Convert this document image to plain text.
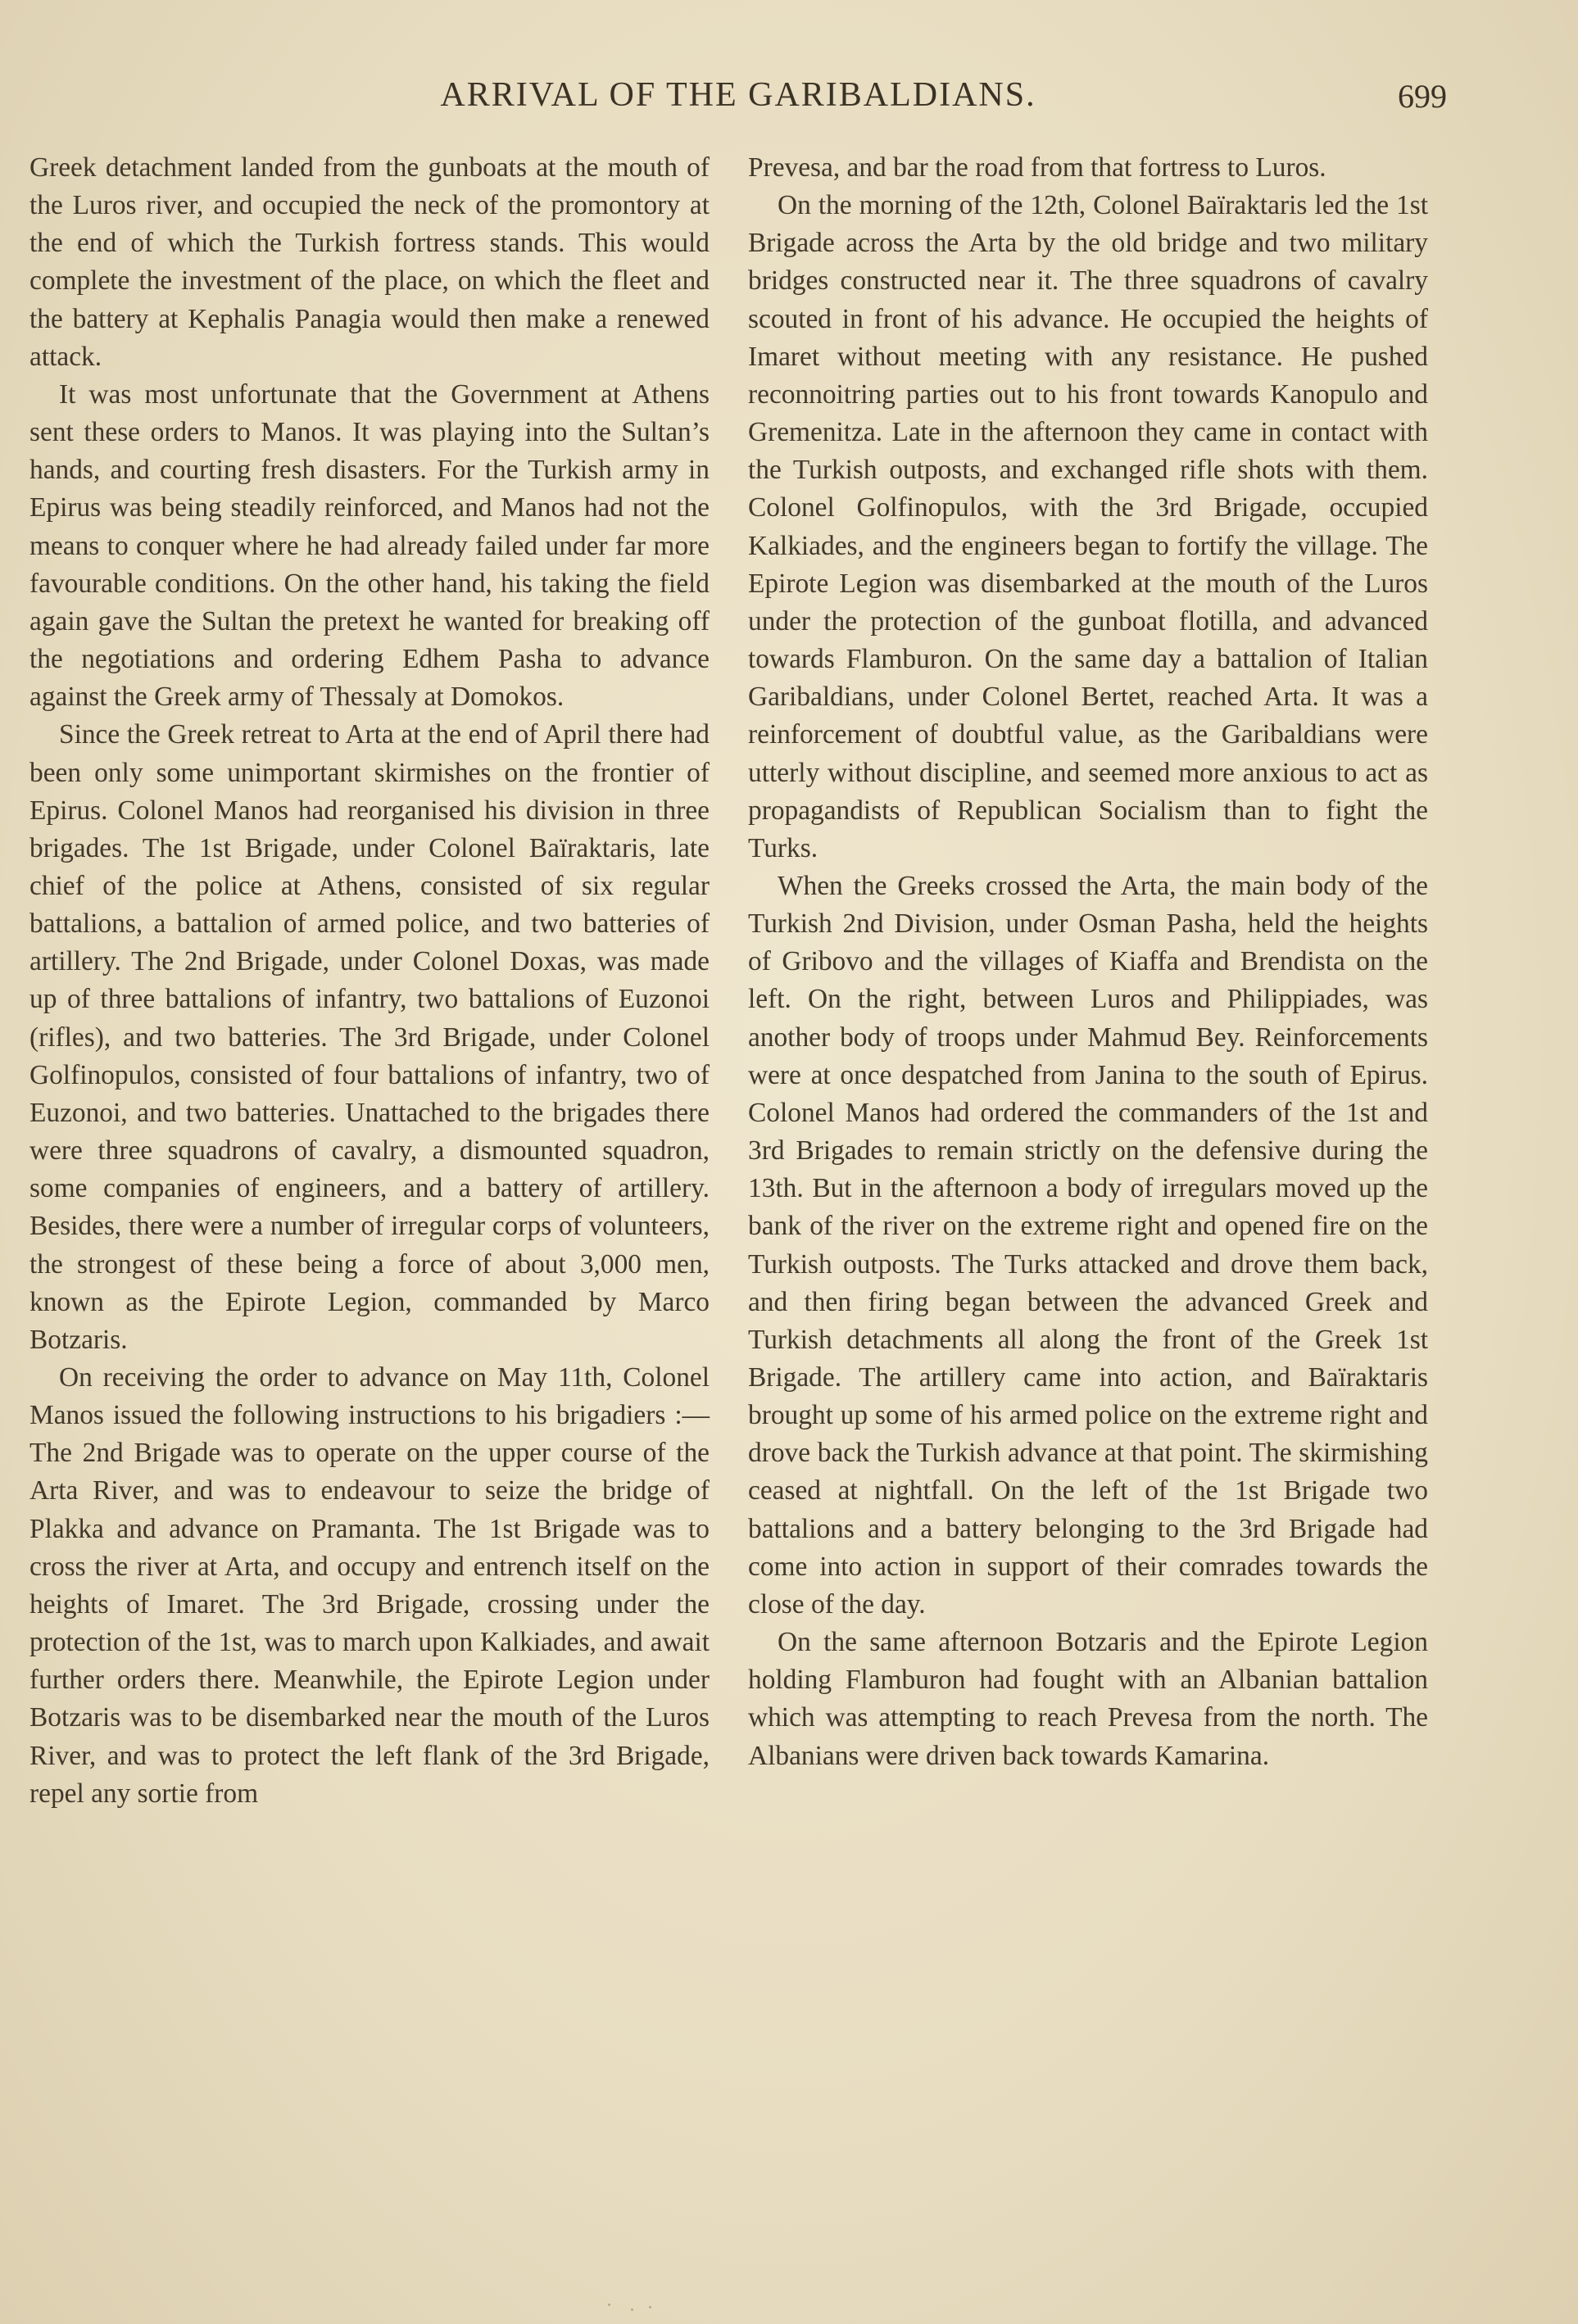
ARRIVAL OF THE GARIBALDIANS.	699

Greek detachment landed from the gunboats at the mouth of the Luros river, and occupied the neck of the promontory at the end of which the Turkish fortress stands. This would complete the investment of the place, on which the fleet and the battery at Kephalis Panagia would then make a renewed attack.

It was most unfortunate that the Government at Athens sent these orders to Manos. It was playing into the Sultan’s hands, and courting fresh disasters. For the Turkish army in Epirus was being steadily reinforced, and Manos had not the means to conquer where he had already failed under far more favourable conditions. On the other hand, his taking the field again gave the Sultan the pretext he wanted for breaking off the negotiations and ordering Edhem Pasha to advance against the Greek army of Thessaly at Domokos.

Since the Greek retreat to Arta at the end of April there had been only some unimportant skirmishes on the frontier of Epirus. Colonel Manos had reorganised his division in three brigades. The 1st Brigade, under Colonel Baïraktaris, late chief of the police at Athens, consisted of six regular battalions, a battalion of armed police, and two batteries of artillery. The 2nd Brigade, under Colonel Doxas, was made up of three battalions of infantry, two battalions of Euzonoi (rifles), and two batteries. The 3rd Brigade, under Colonel Golfinopulos, consisted of four battalions of infantry, two of Euzonoi, and two batteries. Unattached to the brigades there were three squadrons of cavalry, a dismounted squadron, some companies of engineers, and a battery of artillery. Besides, there were a number of irregular corps of volunteers, the strongest of these being a force of about 3,000 men, known as the Epirote Legion, commanded by Marco Botzaris.

On receiving the order to advance on May 11th, Colonel Manos issued the following instructions to his brigadiers :—The 2nd Brigade was to operate on the upper course of the Arta River, and was to endeavour to seize the bridge of Plakka and advance on Pramanta. The 1st Brigade was to cross the river at Arta, and occupy and entrench itself on the heights of Imaret. The 3rd Brigade, crossing under the protection of the 1st, was to march upon Kalkiades, and await further orders there. Meanwhile, the Epirote Legion under Botzaris was to be disembarked near the mouth of the Luros River, and was to protect the left flank of the 3rd Brigade, repel any sortie from

Prevesa, and bar the road from that fortress to Luros.

On the morning of the 12th, Colonel Baïraktaris led the 1st Brigade across the Arta by the old bridge and two military bridges constructed near it. The three squadrons of cavalry scouted in front of his advance. He occupied the heights of Imaret without meeting with any resistance. He pushed reconnoitring parties out to his front towards Kanopulo and Gremenitza. Late in the afternoon they came in contact with the Turkish outposts, and exchanged rifle shots with them. Colonel Golfinopulos, with the 3rd Brigade, occupied Kalkiades, and the engineers began to fortify the village. The Epirote Legion was disembarked at the mouth of the Luros under the protection of the gunboat flotilla, and advanced towards Flamburon. On the same day a battalion of Italian Garibaldians, under Colonel Bertet, reached Arta. It was a reinforcement of doubtful value, as the Garibaldians were utterly without discipline, and seemed more anxious to act as propagandists of Republican Socialism than to fight the Turks.

When the Greeks crossed the Arta, the main body of the Turkish 2nd Division, under Osman Pasha, held the heights of Gribovo and the villages of Kiaffa and Brendista on the left. On the right, between Luros and Philippiades, was another body of troops under Mahmud Bey. Reinforcements were at once despatched from Janina to the south of Epirus. Colonel Manos had ordered the commanders of the 1st and 3rd Brigades to remain strictly on the defensive during the 13th. But in the afternoon a body of irregulars moved up the bank of the river on the extreme right and opened fire on the Turkish outposts. The Turks attacked and drove them back, and then firing began between the advanced Greek and Turkish detachments all along the front of the Greek 1st Brigade. The artillery came into action, and Baïraktaris brought up some of his armed police on the extreme right and drove back the Turkish advance at that point. The skirmishing ceased at nightfall. On the left of the 1st Brigade two battalions and a battery belonging to the 3rd Brigade had come into action in support of their comrades towards the close of the day.

On the same afternoon Botzaris and the Epirote Legion holding Flamburon had fought with an Albanian battalion which was attempting to reach Prevesa from the north. The Albanians were driven back towards Kamarina.
